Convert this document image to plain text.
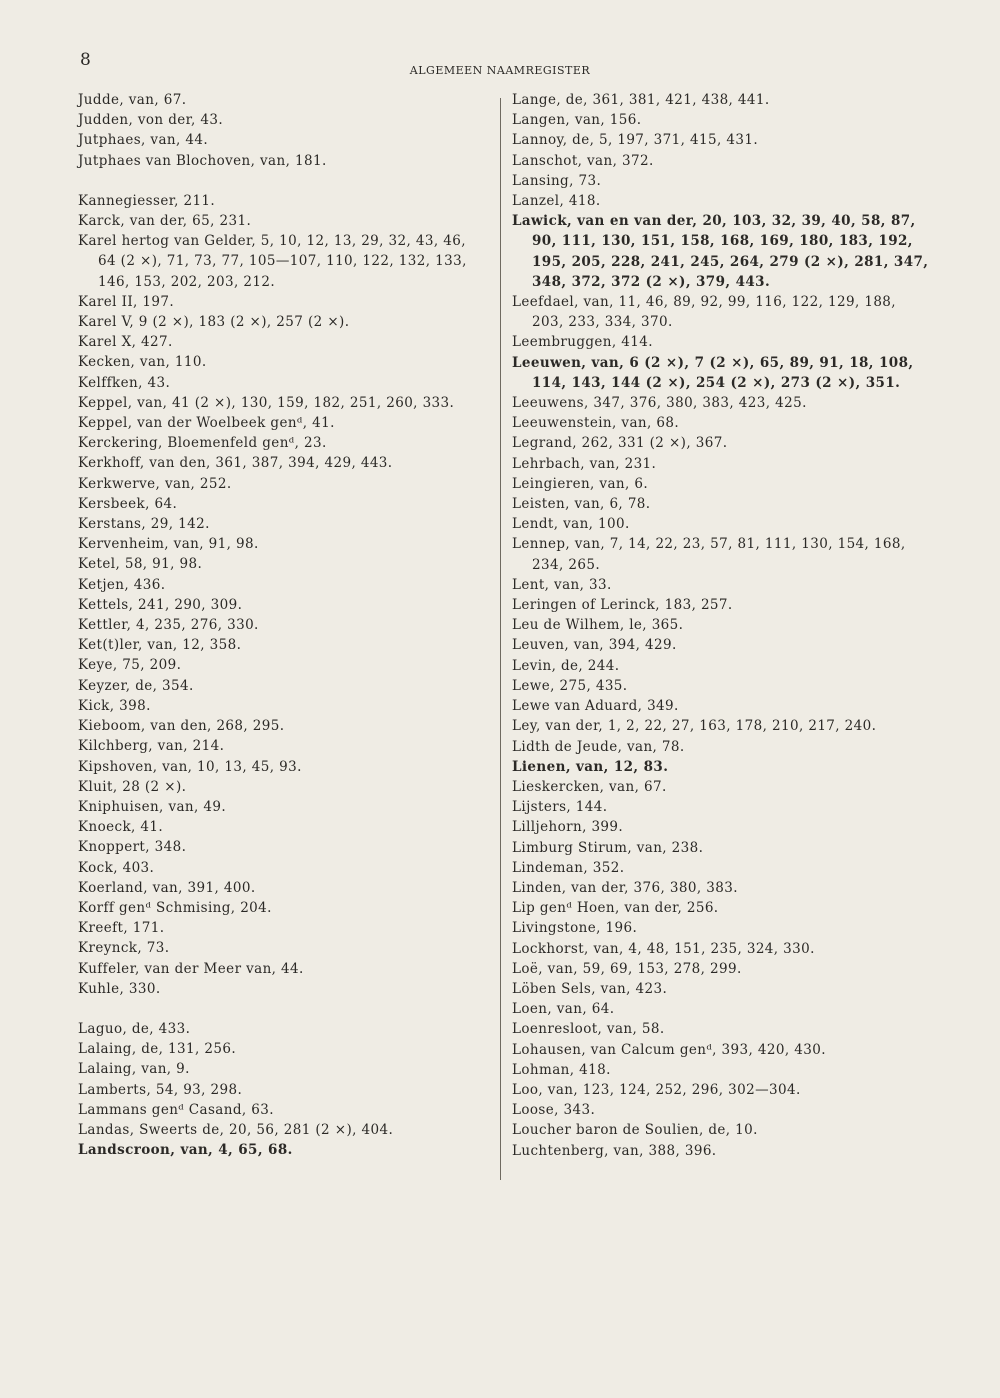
8
ALGEMEEN NAAMREGISTER
Judde, van, 67.
Judden, von der, 43.
Jutphaes, van, 44.
Jutphaes van Blochoven, van, 181.
Kannegiesser, 211.
Karck, van der, 65, 231.
Karel hertog van Gelder, 5, 10, 12, 13, 29, 32, 43, 46, 64 (2 ×), 71, 73, 77, 105—107, 110, 122, 132, 133, 146, 153, 202, 203, 212.
Karel II, 197.
Karel V, 9 (2 ×), 183 (2 ×), 257 (2 ×).
Karel X, 427.
Kecken, van, 110.
Kelffken, 43.
Keppel, van, 41 (2 ×), 130, 159, 182, 251, 260, 333.
Keppel, van der Woelbeek genᵈ, 41.
Kerckering, Bloemenfeld genᵈ, 23.
Kerkhoff, van den, 361, 387, 394, 429, 443.
Kerkwerve, van, 252.
Kersbeek, 64.
Kerstans, 29, 142.
Kervenheim, van, 91, 98.
Ketel, 58, 91, 98.
Ketjen, 436.
Kettels, 241, 290, 309.
Kettler, 4, 235, 276, 330.
Ket(t)ler, van, 12, 358.
Keye, 75, 209.
Keyzer, de, 354.
Kick, 398.
Kieboom, van den, 268, 295.
Kilchberg, van, 214.
Kipshoven, van, 10, 13, 45, 93.
Kluit, 28 (2 ×).
Kniphuisen, van, 49.
Knoeck, 41.
Knoppert, 348.
Kock, 403.
Koerland, van, 391, 400.
Korff genᵈ Schmising, 204.
Kreeft, 171.
Kreynck, 73.
Kuffeler, van der Meer van, 44.
Kuhle, 330.
Laguo, de, 433.
Lalaing, de, 131, 256.
Lalaing, van, 9.
Lamberts, 54, 93, 298.
Lammans genᵈ Casand, 63.
Landas, Sweerts de, 20, 56, 281 (2 ×), 404.
Landscroon, van, 4, 65, 68.
Lange, de, 361, 381, 421, 438, 441.
Langen, van, 156.
Lannoy, de, 5, 197, 371, 415, 431.
Lanschot, van, 372.
Lansing, 73.
Lanzel, 418.
Lawick, van en van der, 20, 103, 32, 39, 40, 58, 87, 90, 111, 130, 151, 158, 168, 169, 180, 183, 192, 195, 205, 228, 241, 245, 264, 279 (2 ×), 281, 347, 348, 372, 372 (2 ×), 379, 443.
Leefdael, van, 11, 46, 89, 92, 99, 116, 122, 129, 188, 203, 233, 334, 370.
Leembruggen, 414.
Leeuwen, van, 6 (2 ×), 7 (2 ×), 65, 89, 91, 18, 108, 114, 143, 144 (2 ×), 254 (2 ×), 273 (2 ×), 351.
Leeuwens, 347, 376, 380, 383, 423, 425.
Leeuwenstein, van, 68.
Legrand, 262, 331 (2 ×), 367.
Lehrbach, van, 231.
Leingieren, van, 6.
Leisten, van, 6, 78.
Lendt, van, 100.
Lennep, van, 7, 14, 22, 23, 57, 81, 111, 130, 154, 168, 234, 265.
Lent, van, 33.
Leringen of Lerinck, 183, 257.
Leu de Wilhem, le, 365.
Leuven, van, 394, 429.
Levin, de, 244.
Lewe, 275, 435.
Lewe van Aduard, 349.
Ley, van der, 1, 2, 22, 27, 163, 178, 210, 217, 240.
Lidth de Jeude, van, 78.
Lienen, van, 12, 83.
Lieskercken, van, 67.
Lijsters, 144.
Lilljehorn, 399.
Limburg Stirum, van, 238.
Lindeman, 352.
Linden, van der, 376, 380, 383.
Lip genᵈ Hoen, van der, 256.
Livingstone, 196.
Lockhorst, van, 4, 48, 151, 235, 324, 330.
Loë, van, 59, 69, 153, 278, 299.
Löben Sels, van, 423.
Loen, van, 64.
Loenresloot, van, 58.
Lohausen, van Calcum genᵈ, 393, 420, 430.
Lohman, 418.
Loo, van, 123, 124, 252, 296, 302—304.
Loose, 343.
Loucher baron de Soulien, de, 10.
Luchtenberg, van, 388, 396.
